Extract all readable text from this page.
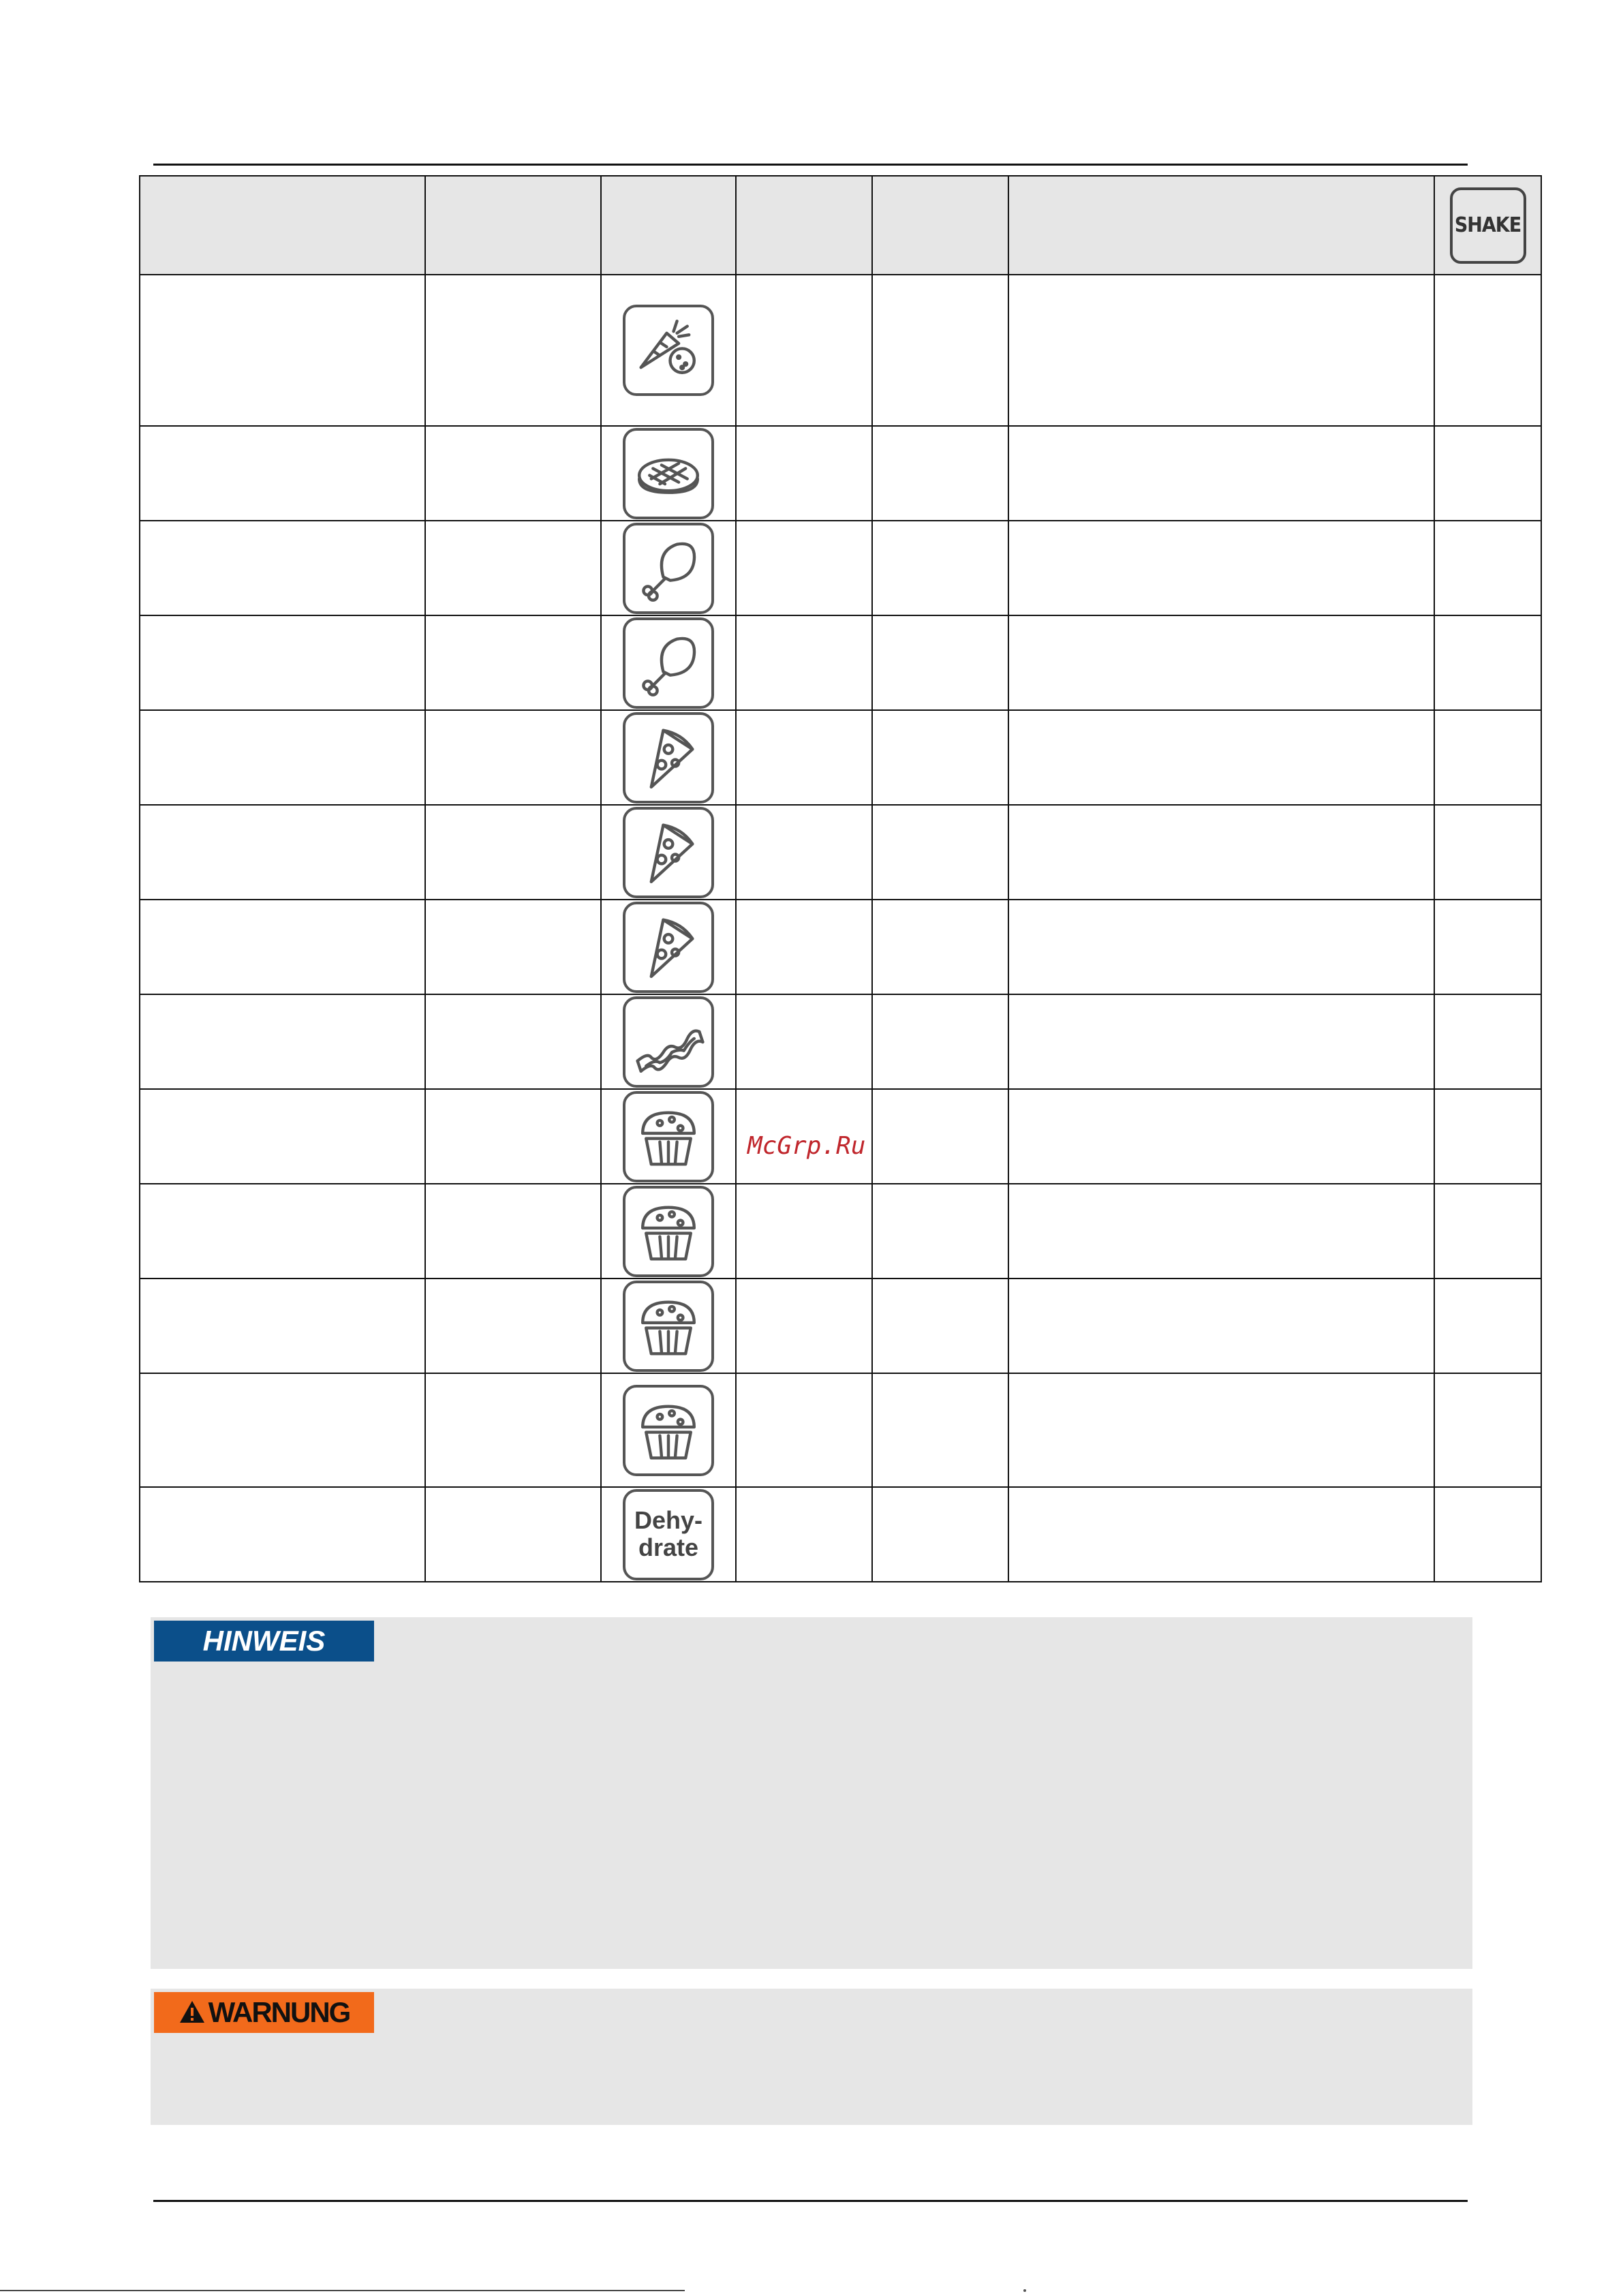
						SHAKE

		Dehy-
drate				

McGrp.Ru
HINWEIS
WARNUNG
